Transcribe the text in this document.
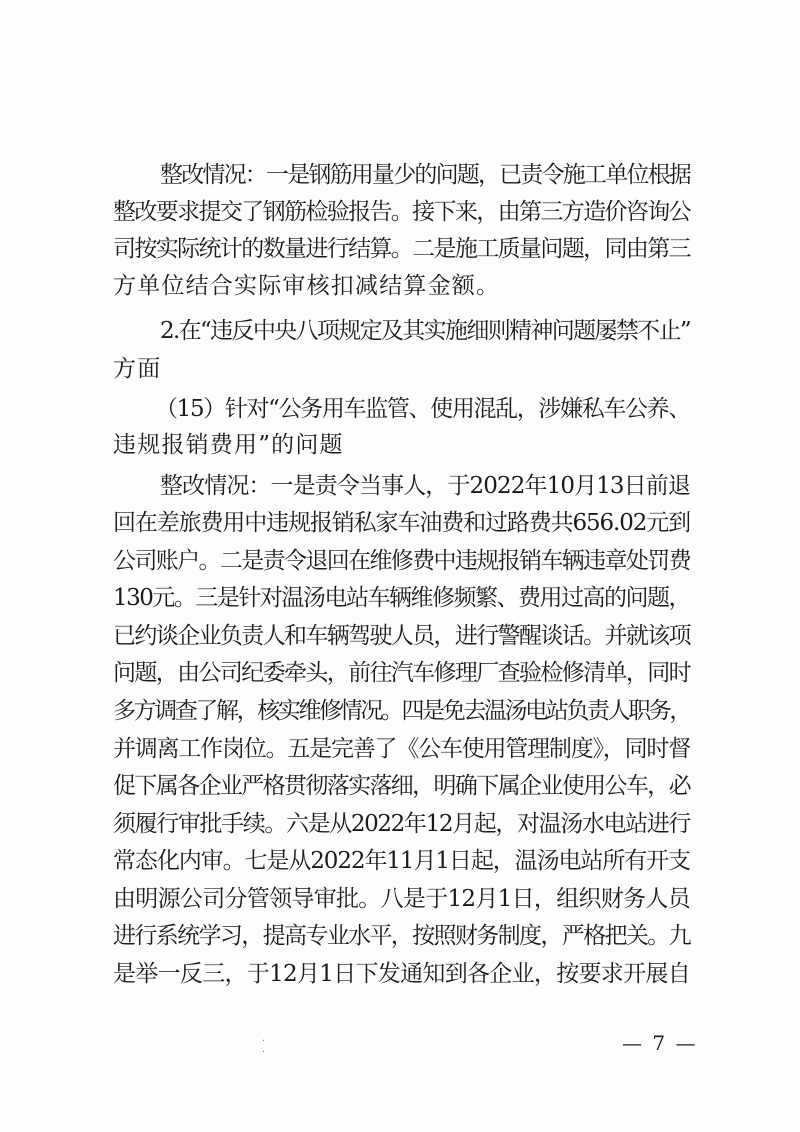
整改情况：一是钢筋用量少的问题，已责令施工单位根据
整改要求提交了钢筋检验报告。接下来，由第三方造价咨询公
司按实际统计的数量进行结算。二是施工质量问题，同由第三
方单位结合实际审核扣减结算金额。
2.在“违反中央八项规定及其实施细则精神问题屡禁不止”
方面
（15）针对“公务用车监管、使用混乱，涉嫌私车公养、
违规报销费用”的问题
整改情况：一是责令当事人，于2022年10月13日前退
回在差旅费用中违规报销私家车油费和过路费共656.02元到
公司账户。二是责令退回在维修费中违规报销车辆违章处罚费
130元。三是针对温汤电站车辆维修频繁、费用过高的问题，
已约谈企业负责人和车辆驾驶人员，进行警醒谈话。并就该项
问题，由公司纪委牵头，前往汽车修理厂查验检修清单，同时
多方调查了解，核实维修情况。四是免去温汤电站负责人职务，
并调离工作岗位。五是完善了《公车使用管理制度》，同时督
促下属各企业严格贯彻落实落细，明确下属企业使用公车，必
须履行审批手续。六是从2022年12月起，对温汤水电站进行
常态化内审。七是从2022年11月1日起，温汤电站所有开支
由明源公司分管领导审批。八是于12月1日，组织财务人员
进行系统学习，提高专业水平，按照财务制度，严格把关。九
是举一反三，于12月1日下发通知到各企业，按要求开展自
· ·	— 7 —
